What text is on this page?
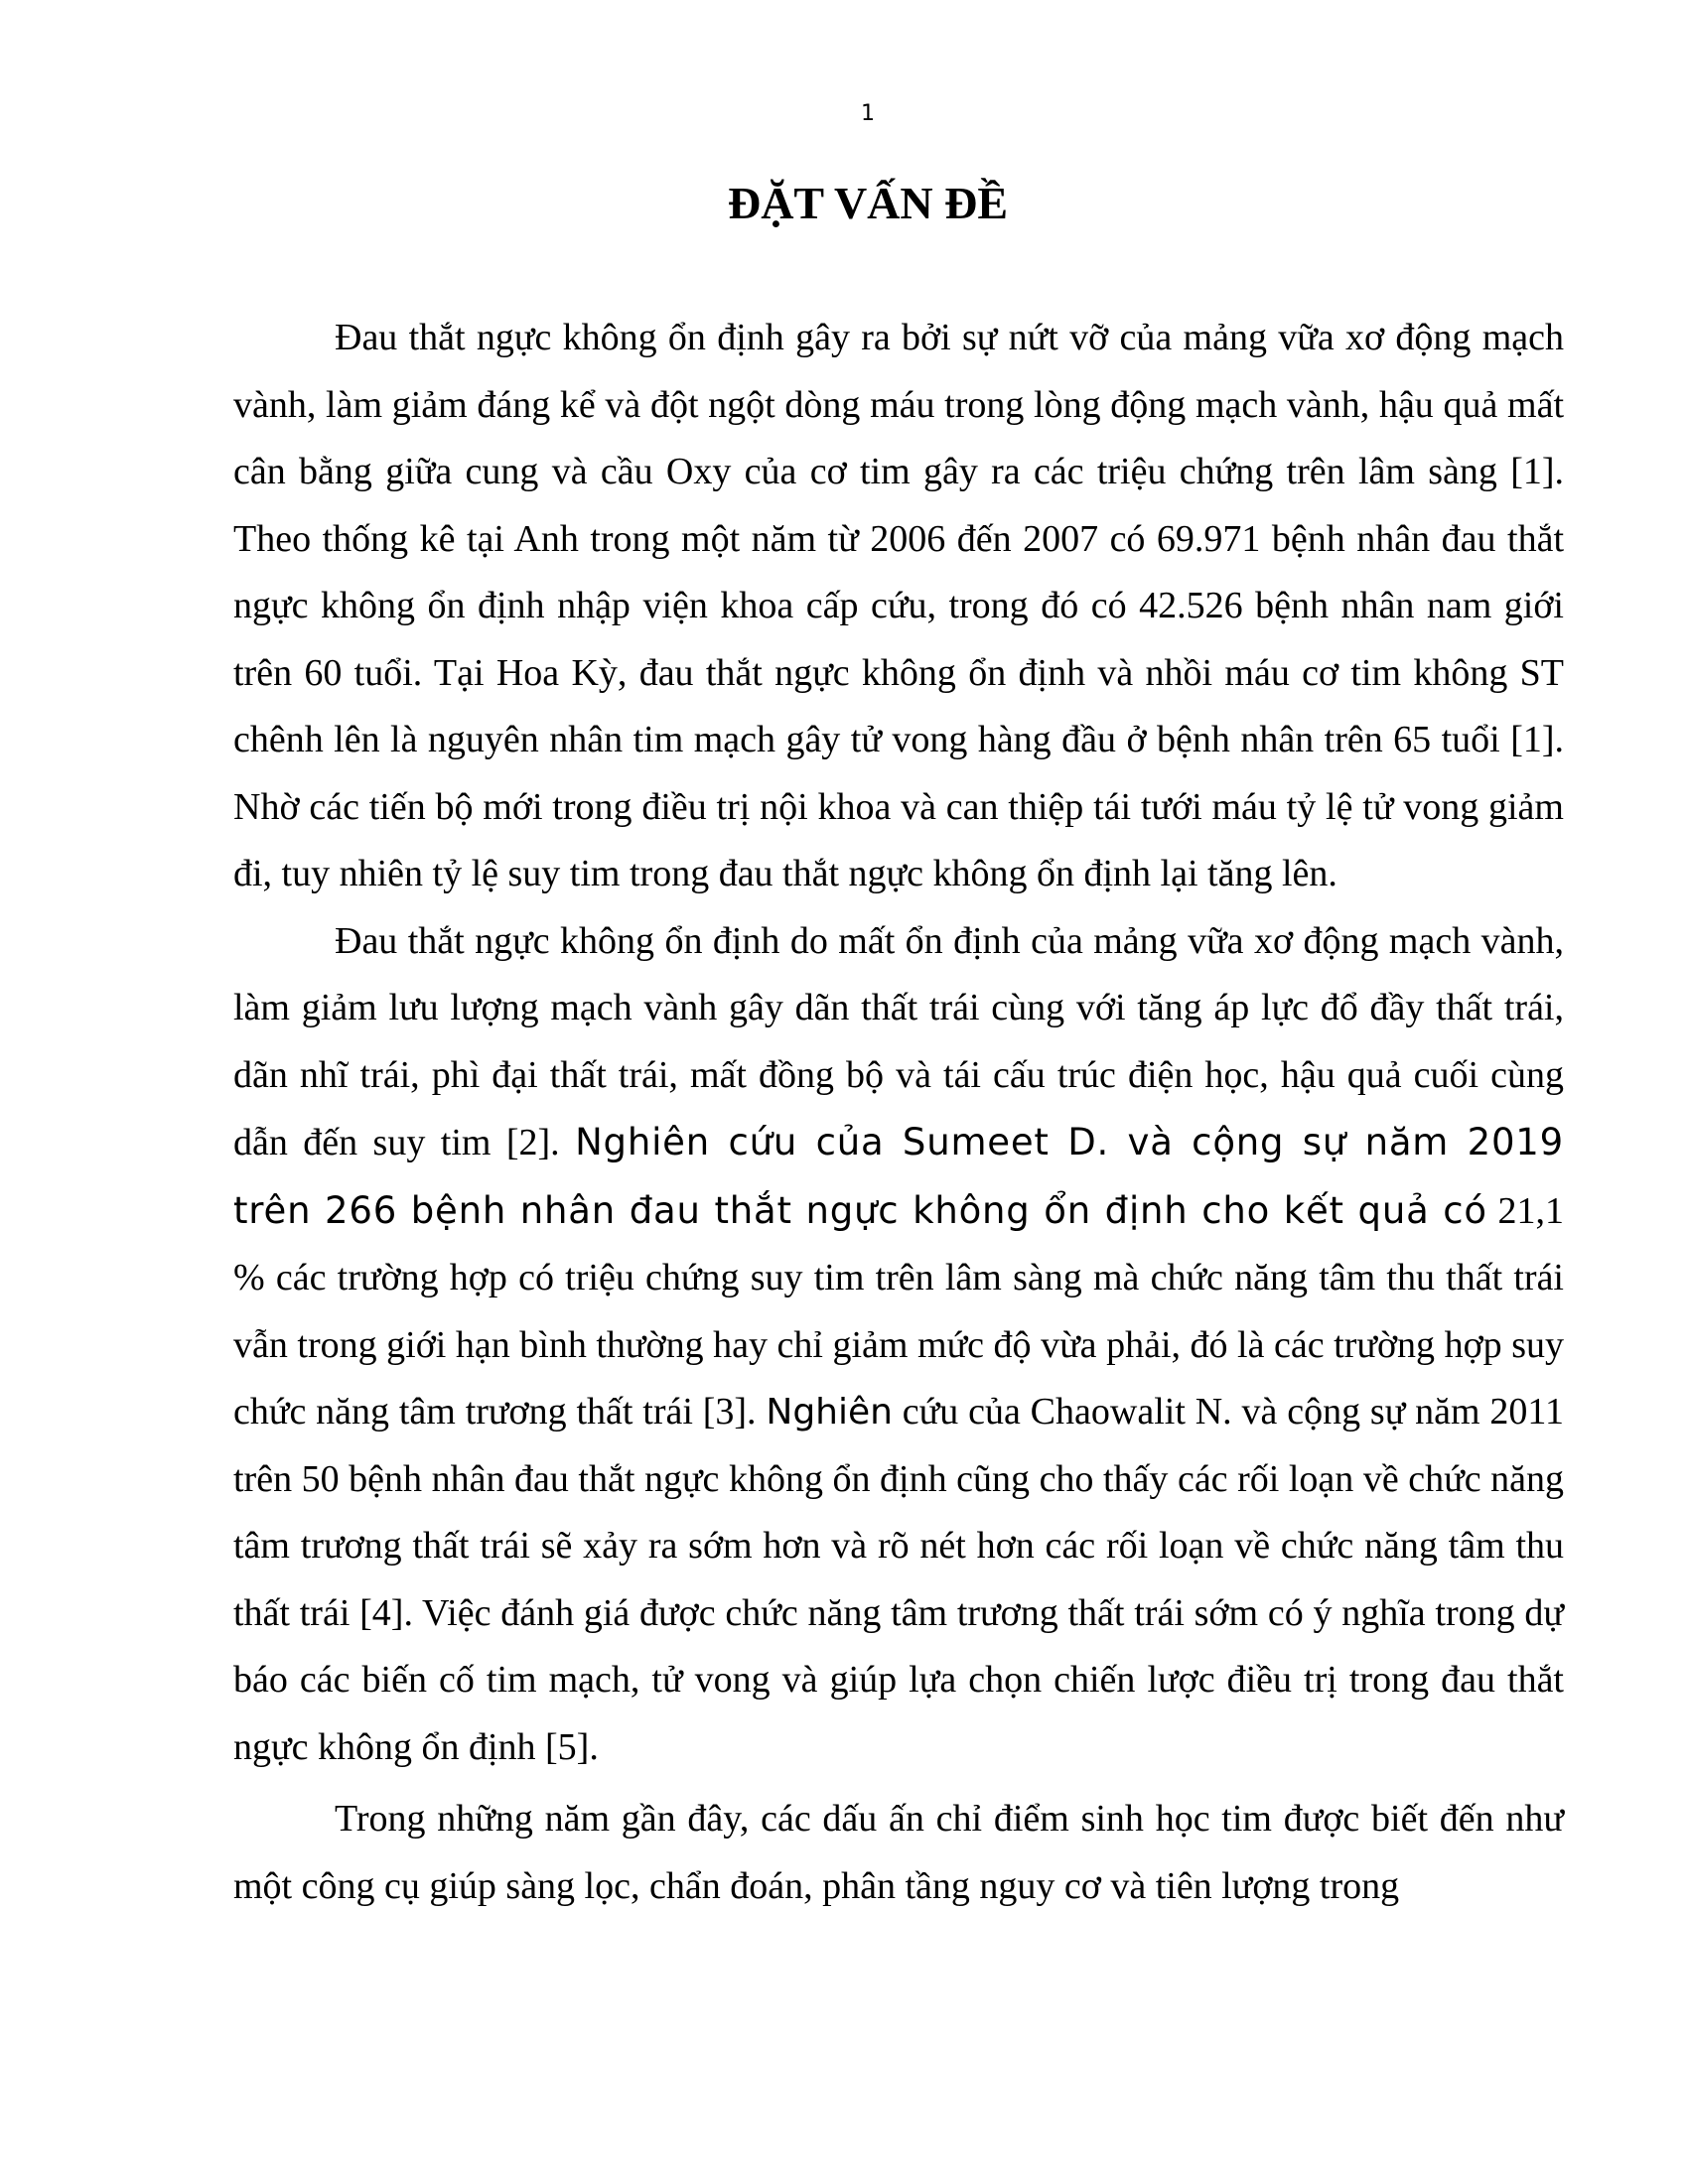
1
ĐẶT VẤN ĐỀ

Đau thắt ngực không ổn định gây ra bởi sự nứt vỡ của mảng vữa xơ động mạch vành, làm giảm đáng kể và đột ngột dòng máu trong lòng động mạch vành, hậu quả mất cân bằng giữa cung và cầu Oxy của cơ tim gây ra các triệu chứng trên lâm sàng [1]. Theo thống kê tại Anh trong một năm từ 2006 đến 2007 có 69.971 bệnh nhân đau thắt ngực không ổn định nhập viện khoa cấp cứu, trong đó có 42.526 bệnh nhân nam giới trên 60 tuổi. Tại Hoa Kỳ, đau thắt ngực không ổn định và nhồi máu cơ tim không ST chênh lên là nguyên nhân tim mạch gây tử vong hàng đầu ở bệnh nhân trên 65 tuổi [1]. Nhờ các tiến bộ mới trong điều trị nội khoa và can thiệp tái tưới máu tỷ lệ tử vong giảm đi, tuy nhiên tỷ lệ suy tim trong đau thắt ngực không ổn định lại tăng lên.

Đau thắt ngực không ổn định do mất ổn định của mảng vữa xơ động mạch vành, làm giảm lưu lượng mạch vành gây dãn thất trái cùng với tăng áp lực đổ đầy thất trái, dãn nhĩ trái, phì đại thất trái, mất đồng bộ và tái cấu trúc điện học, hậu quả cuối cùng dẫn đến suy tim [2]. Nghiên cứu của Sumeet D. và cộng sự năm 2019 trên 266 bệnh nhân đau thắt ngực không ổn định cho kết quả có 21,1 % các trường hợp có triệu chứng suy tim trên lâm sàng mà chức năng tâm thu thất trái vẫn trong giới hạn bình thường hay chỉ giảm mức độ vừa phải, đó là các trường hợp suy chức năng tâm trương thất trái [3]. Nghiên cứu của Chaowalit N. và cộng sự năm 2011 trên 50 bệnh nhân đau thắt ngực không ổn định cũng cho thấy các rối loạn về chức năng tâm trương thất trái sẽ xảy ra sớm hơn và rõ nét hơn các rối loạn về chức năng tâm thu thất trái [4]. Việc đánh giá được chức năng tâm trương thất trái sớm có ý nghĩa trong dự báo các biến cố tim mạch, tử vong và giúp lựa chọn chiến lược điều trị trong đau thắt ngực không ổn định [5].

Trong những năm gần đây, các dấu ấn chỉ điểm sinh học tim được biết đến như một công cụ giúp sàng lọc, chẩn đoán, phân tầng nguy cơ và tiên lượng trong
